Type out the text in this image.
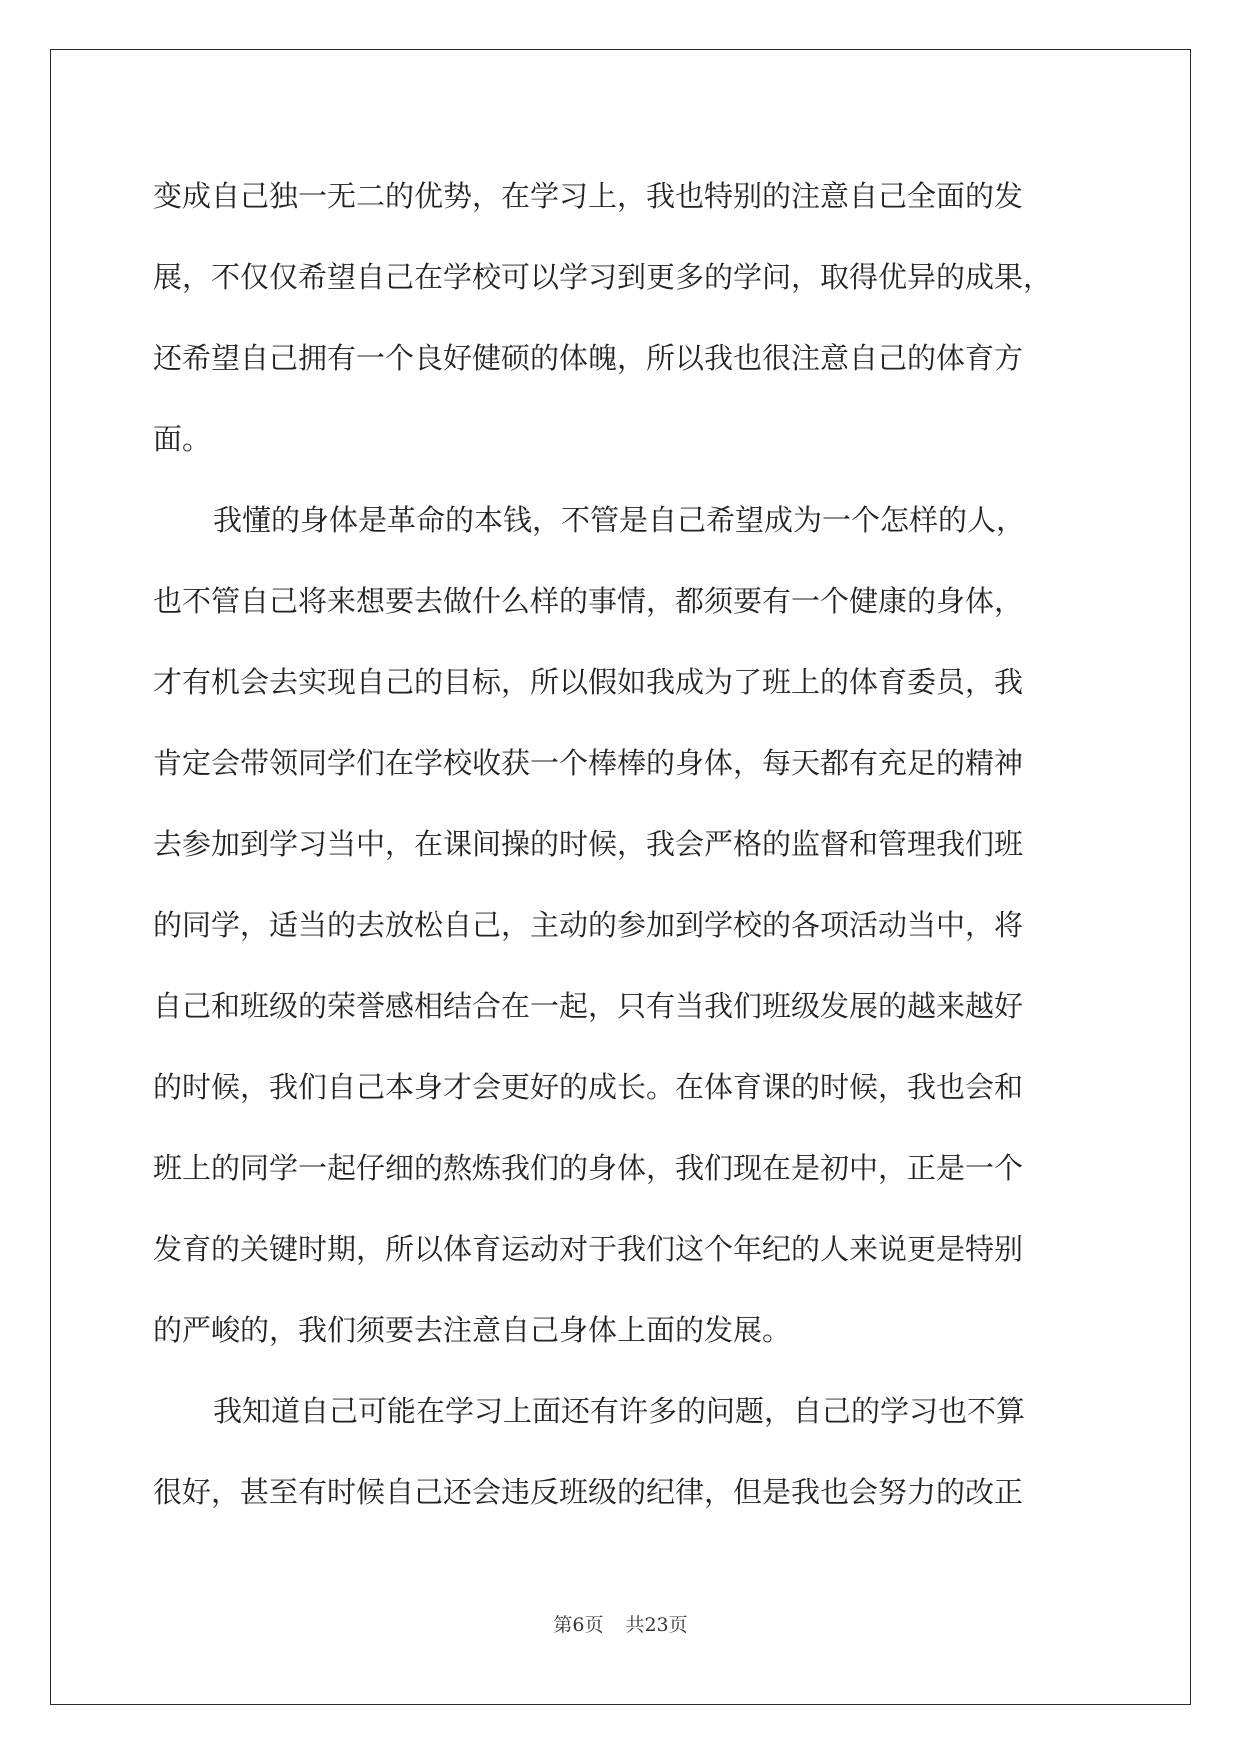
变成自己独一无二的优势，在学习上，我也特别的注意自己全面的发
展，不仅仅希望自己在学校可以学习到更多的学问，取得优异的成果，
还希望自己拥有一个良好健硕的体魄，所以我也很注意自己的体育方
面。
我懂的身体是革命的本钱，不管是自己希望成为一个怎样的人，
也不管自己将来想要去做什么样的事情，都须要有一个健康的身体，
才有机会去实现自己的目标，所以假如我成为了班上的体育委员，我
肯定会带领同学们在学校收获一个棒棒的身体，每天都有充足的精神
去参加到学习当中，在课间操的时候，我会严格的监督和管理我们班
的同学，适当的去放松自己，主动的参加到学校的各项活动当中，将
自己和班级的荣誉感相结合在一起，只有当我们班级发展的越来越好
的时候，我们自己本身才会更好的成长。在体育课的时候，我也会和
班上的同学一起仔细的熬炼我们的身体，我们现在是初中，正是一个
发育的关键时期，所以体育运动对于我们这个年纪的人来说更是特别
的严峻的，我们须要去注意自己身体上面的发展。
我知道自己可能在学习上面还有许多的问题，自己的学习也不算
很好，甚至有时候自己还会违反班级的纪律，但是我也会努力的改正
第6页 共23页
